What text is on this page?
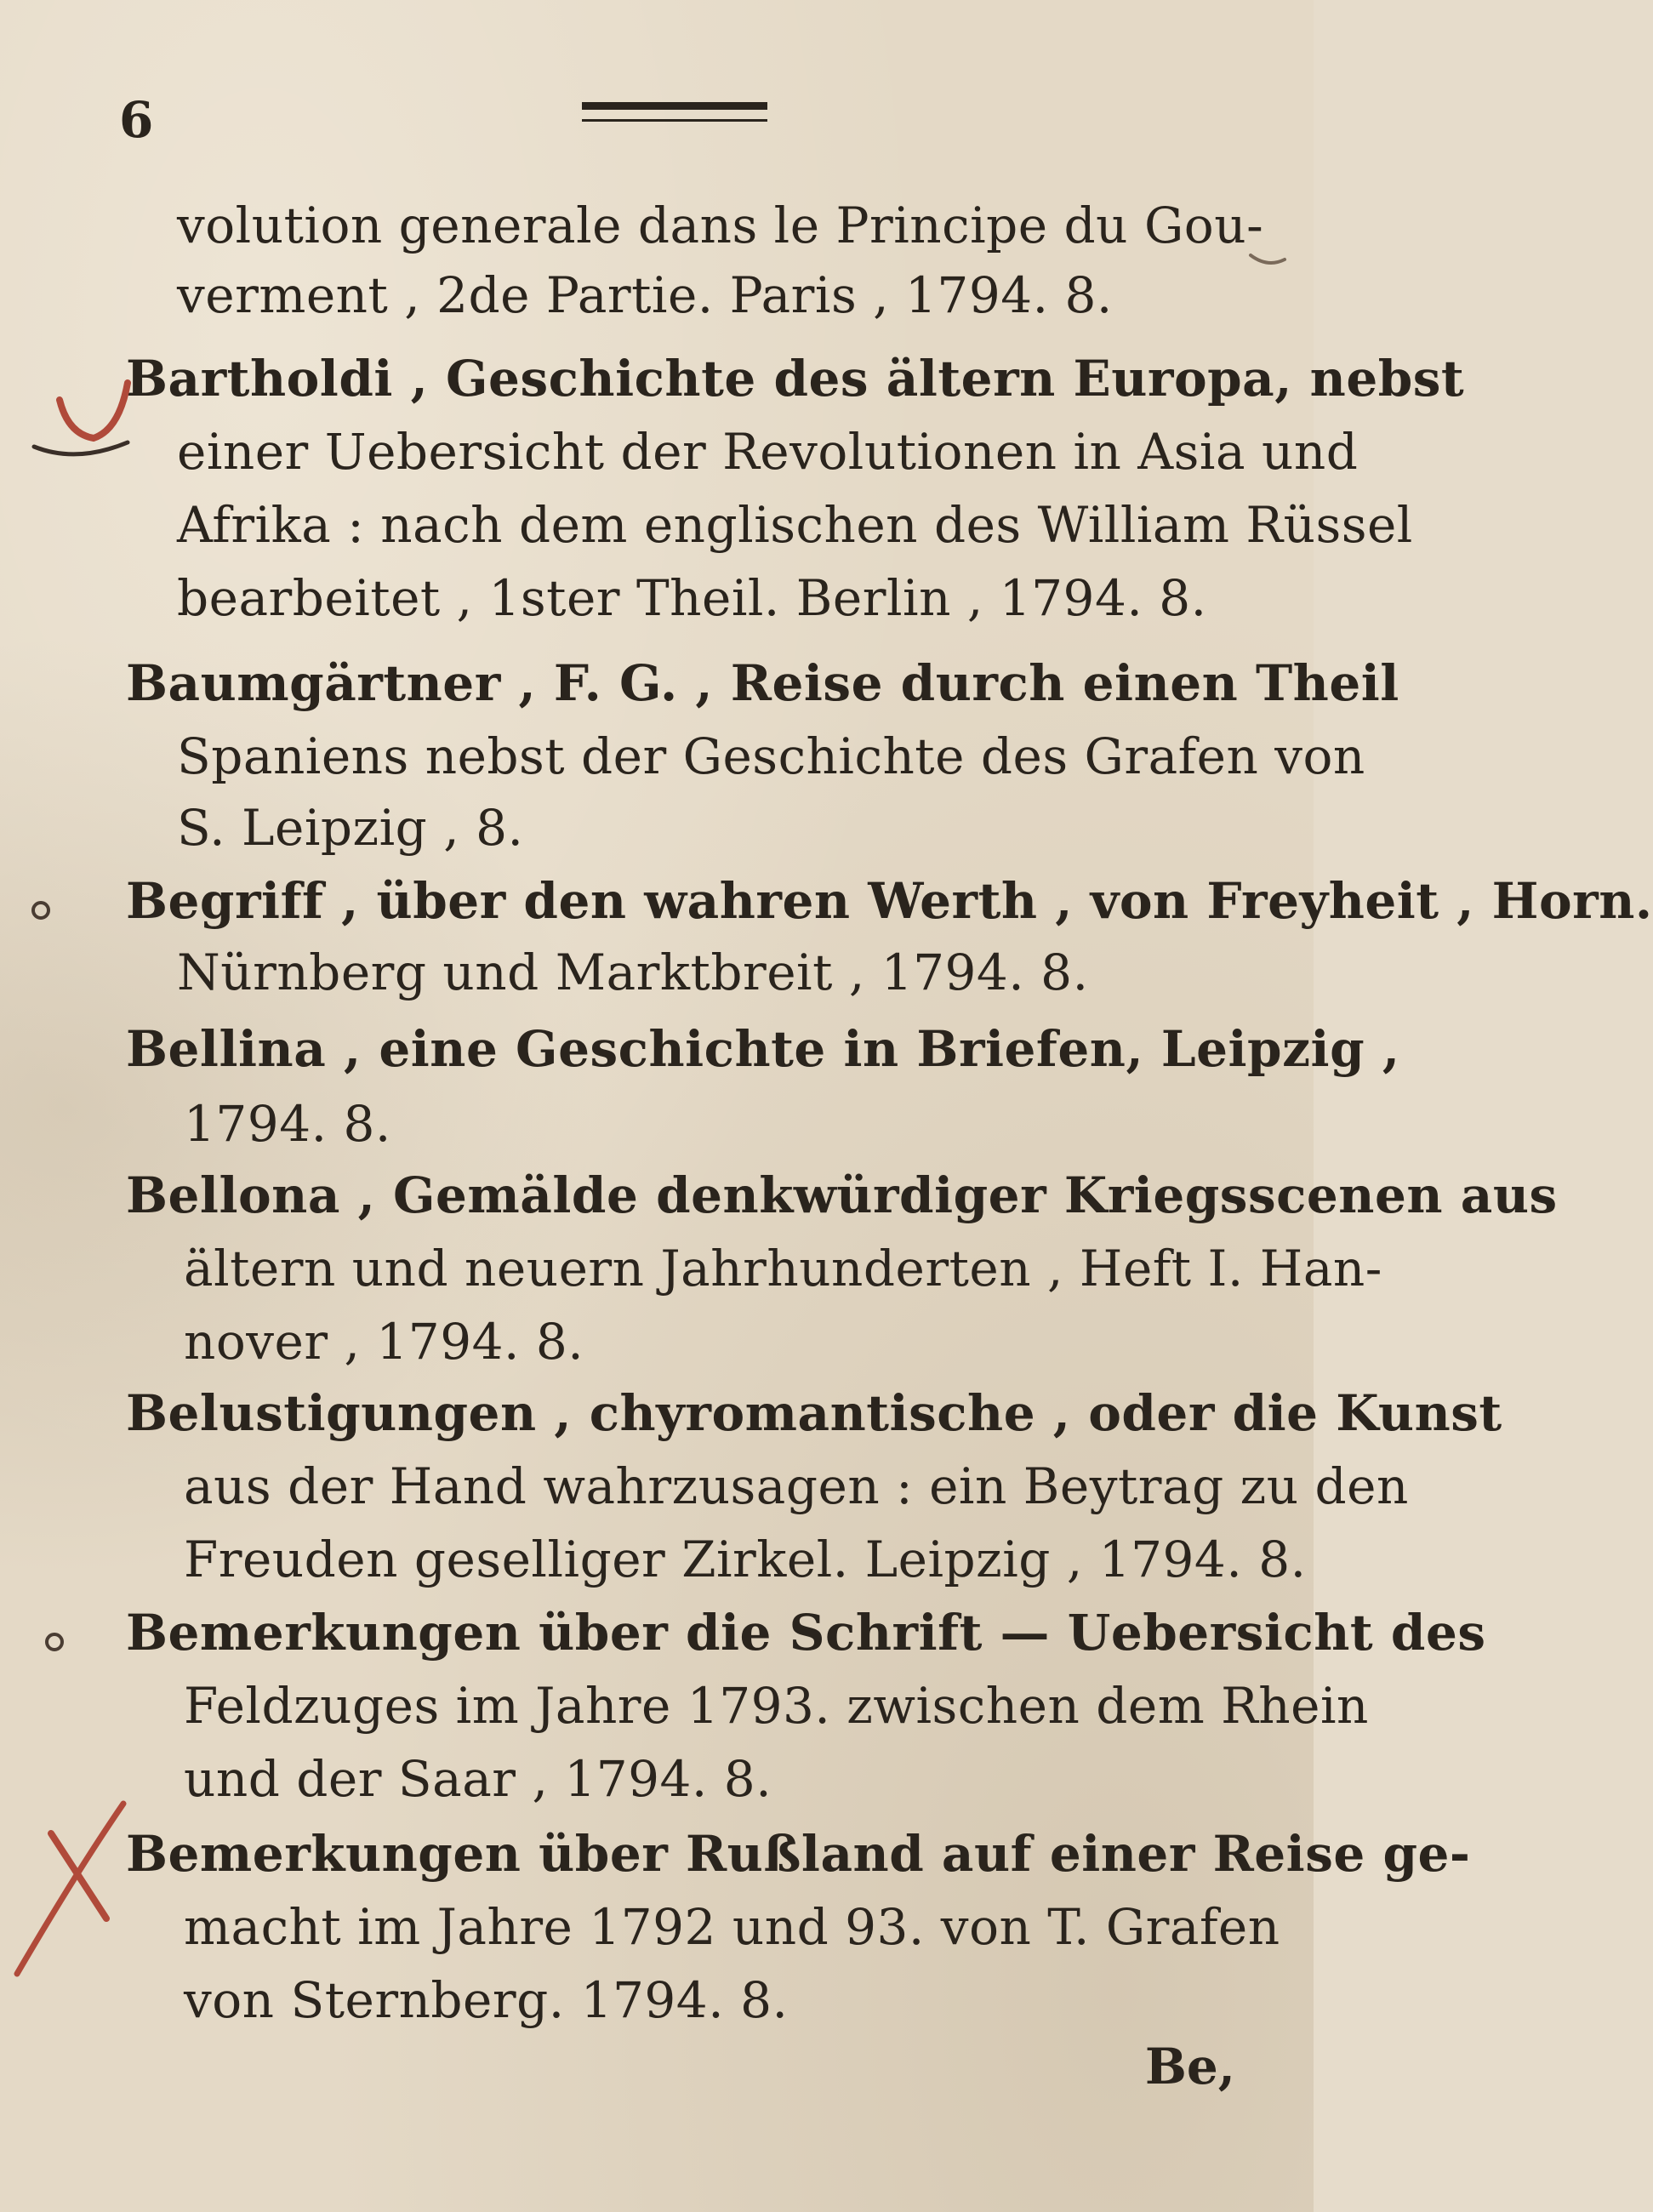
6
volution generale dans le Principe du Gou-
verment , 2de Partie. Paris , 1794. 8.
Bartholdi , Geschichte des ältern Europa, nebst
einer Uebersicht der Revolutionen in Asia und
Afrika : nach dem englischen des William Rüssel
bearbeitet , 1ster Theil. Berlin , 1794. 8.
Baumgärtner , F. G. , Reise durch einen Theil
Spaniens nebst der Geschichte des Grafen von
S. Leipzig , 8.
Begriff , über den wahren Werth , von Freyheit , Horn.
Nürnberg und Marktbreit , 1794. 8.
Bellina , eine Geschichte in Briefen, Leipzig ,
1794. 8.
Bellona , Gemälde denkwürdiger Kriegsscenen aus
ältern und neuern Jahrhunderten , Heft I. Han-
nover , 1794. 8.
Belustigungen , chyromantische , oder die Kunst
aus der Hand wahrzusagen : ein Beytrag zu den
Freuden geselliger Zirkel. Leipzig , 1794. 8.
Bemerkungen über die Schrift — Uebersicht des
Feldzuges im Jahre 1793. zwischen dem Rhein
und der Saar , 1794. 8.
Bemerkungen über Rußland auf einer Reise ge-
macht im Jahre 1792 und 93. von T. Grafen
von Sternberg. 1794. 8.
Be,
